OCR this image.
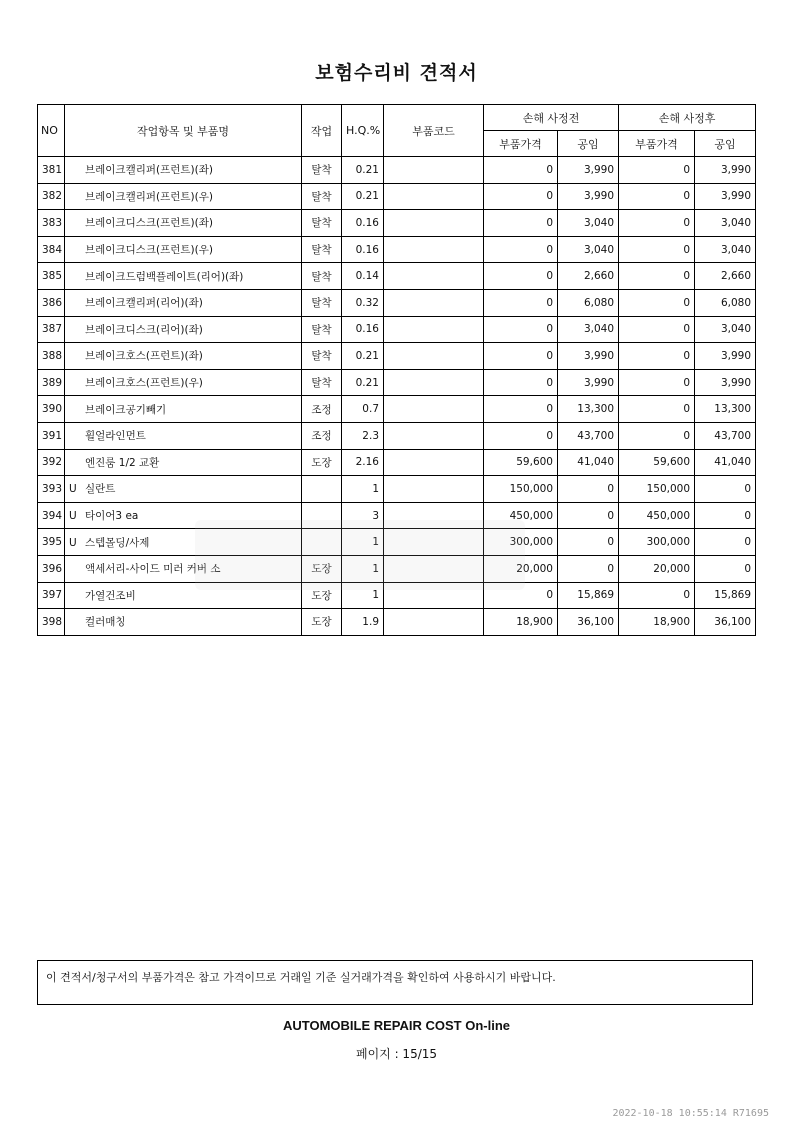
보험수리비 견적서
NO	작업항목 및 부품명	작업	H.Q.%	부품코드	손해 사정전		손해 사정후	
					부품가격	공임	부품가격	공임
381	브레이크캘리퍼(프런트)(좌)	탈착	0.21		0	3,990	0	3,990
382	브레이크캘리퍼(프런트)(우)	탈착	0.21		0	3,990	0	3,990
383	브레이크디스크(프런트)(좌)	탈착	0.16		0	3,040	0	3,040
384	브레이크디스크(프런트)(우)	탈착	0.16		0	3,040	0	3,040
385	브레이크드럼백플레이트(리어)(좌)	탈착	0.14		0	2,660	0	2,660
386	브레이크캘리퍼(리어)(좌)	탈착	0.32		0	6,080	0	6,080
387	브레이크디스크(리어)(좌)	탈착	0.16		0	3,040	0	3,040
388	브레이크호스(프런트)(좌)	탈착	0.21		0	3,990	0	3,990
389	브레이크호스(프런트)(우)	탈착	0.21		0	3,990	0	3,990
390	브레이크공기빼기	조정	0.7		0	13,300	0	13,300
391	휠얼라인먼트	조정	2.3		0	43,700	0	43,700
392	엔진룸 1/2 교환	도장	2.16		59,600	41,040	59,600	41,040
393	U 실란트		1		150,000	0	150,000	0
394	U 타이어3 ea		3		450,000	0	450,000	0
395	U 스텝몰딩/사제		1		300,000	0	300,000	0
396	액세서리-사이드 미러 커버 소	도장	1		20,000	0	20,000	0
397	가열건조비	도장	1		0	15,869	0	15,869
398	컬러매칭	도장	1.9		18,900	36,100	18,900	36,100
이 견적서/청구서의 부품가격은 참고 가격이므로 거래일 기준 실거래가격을 확인하여 사용하시기 바랍니다.
AUTOMOBILE REPAIR COST On-line
페이지 : 15/15
2022-10-18 10:55:14 R71695
